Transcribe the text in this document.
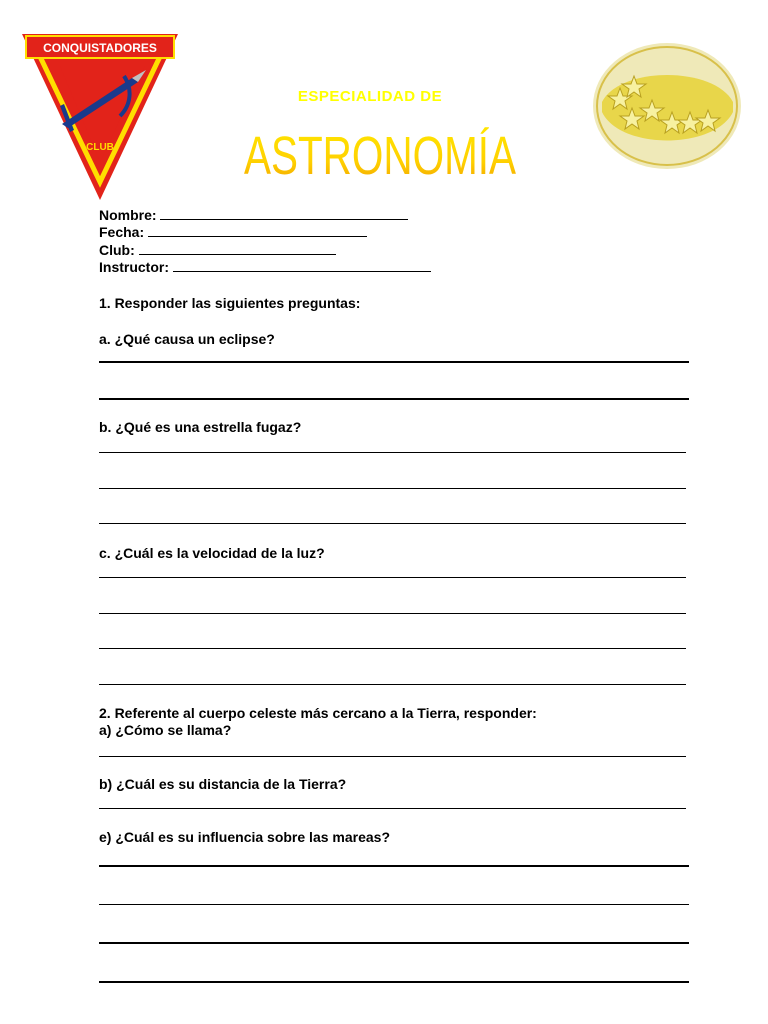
CONQUISTADORES
CLUB
ESPECIALIDAD DE
ASTRONOMÍA
Nombre:
Fecha:
Club:
Instructor:
1. Responder las siguientes preguntas:
a. ¿Qué causa un eclipse?
b. ¿Qué es una estrella fugaz?
c. ¿Cuál es la velocidad de la luz?
2. Referente al cuerpo celeste más cercano a la Tierra, responder:
a) ¿Cómo se llama?
b) ¿Cuál es su distancia de la Tierra?
e) ¿Cuál es su influencia sobre las mareas?
